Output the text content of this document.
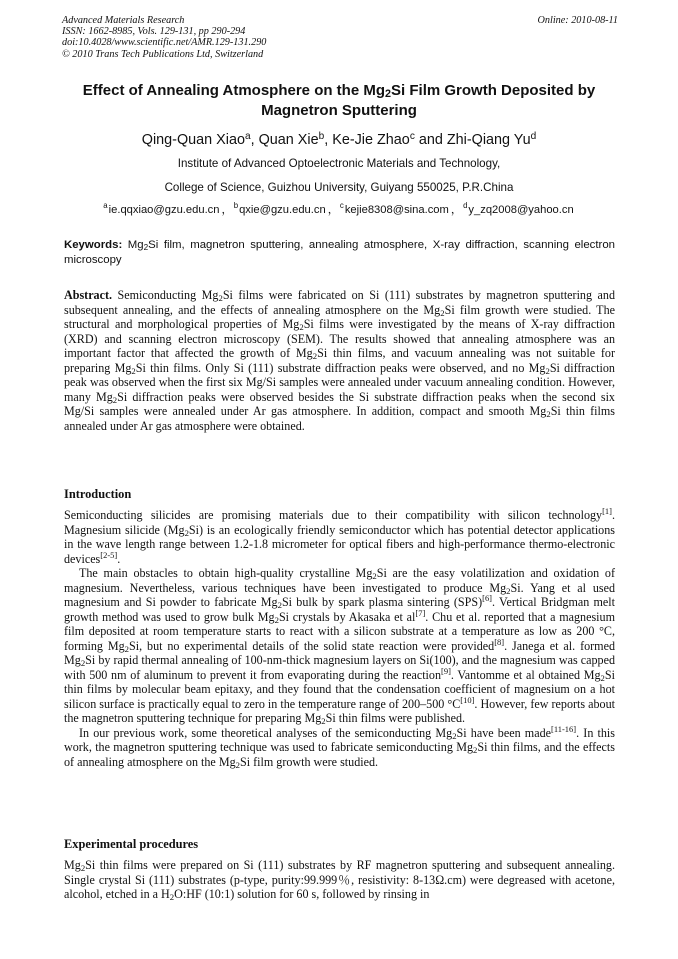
Advanced Materials Research
ISSN: 1662-8985, Vols. 129-131, pp 290-294
doi:10.4028/www.scientific.net/AMR.129-131.290
© 2010 Trans Tech Publications Ltd, Switzerland
Online: 2010-08-11
Effect of Annealing Atmosphere on the $Mg_2Si$ Film Growth Deposited by
Magnetron Sputtering
Qing-Quan Xiao$^a$, Quan Xie$^b$, Ke-Jie Zhao$^c$ and Zhi-Qiang Yu$^d$
Institute of Advanced Optoelectronic Materials and Technology,
College of Science, Guizhou University, Guiyang 550025, P.R.China
$^a$ie.qqxiao@gzu.edu.cn ，$^b$qxie@gzu.edu.cn ，$^c$kejie8308@sina.com ，$^d$y_zq2008@yahoo.cn
Keywords: $Mg_2Si$ film, magnetron sputtering, annealing atmosphere, X-ray diffraction, scanning electron microscopy

Abstract. Semiconducting $Mg_2Si$ films were fabricated on Si (111) substrates by magnetron sputtering and subsequent annealing, and the effects of annealing atmosphere on the $Mg_2Si$ film growth were studied. The structural and morphological properties of $Mg_2Si$ films were investigated by the means of X-ray diffraction (XRD) and scanning electron microscopy (SEM). The results showed that annealing atmosphere was an important factor that affected the growth of $Mg_2Si$ thin films, and vacuum annealing was not suitable for preparing $Mg_2Si$ thin films. Only Si (111) substrate diffraction peaks were observed, and no $Mg_2Si$ diffraction peak was observed when the first six Mg/Si samples were annealed under vacuum annealing condition. However, many $Mg_2Si$ diffraction peaks were observed besides the Si substrate diffraction peaks when the second six Mg/Si samples were annealed under Ar gas atmosphere. In addition, compact and smooth $Mg_2Si$ thin films annealed under Ar gas atmosphere were obtained.

Introduction

Semiconducting silicides are promising materials due to their compatibility with silicon technology[1]. Magnesium silicide $(Mg_2Si)$ is an ecologically friendly semiconductor which has potential detector applications in the wave length range between 1.2-1.8 micrometer for optical fibers and high-performance thermo-electronic devices[2-5].

The main obstacles to obtain high-quality crystalline $Mg_2Si$ are the easy volatilization and oxidation of magnesium. Nevertheless, various techniques have been investigated to produce $Mg_2Si$. Yang et al used magnesium and Si powder to fabricate $Mg_2Si$ bulk by spark plasma sintering (SPS)[6]. Vertical Bridgman melt growth method was used to grow bulk $Mg_2Si$ crystals by Akasaka et al[7]. Chu et al. reported that a magnesium film deposited at room temperature starts to react with a silicon substrate at a temperature as low as 200 °C, forming $Mg_2Si$, but no experimental details of the solid state reaction were provided[8]. Janega et al. formed $Mg_2Si$ by rapid thermal annealing of 100-nm-thick magnesium layers on Si(100), and the magnesium was capped with 500 nm of aluminum to prevent it from evaporating during the reaction[9]. Vantomme et al obtained $Mg_2Si$ thin films by molecular beam epitaxy, and they found that the condensation coefficient of magnesium on a hot silicon surface is practically equal to zero in the temperature range of 200–500 °C[10]. However, few reports about the magnetron sputtering technique for preparing $Mg_2Si$ thin films were published.

In our previous work, some theoretical analyses of the semiconducting $Mg_2Si$ have been made[11-16]. In this work, the magnetron sputtering technique was used to fabricate semiconducting $Mg_2Si$ thin films, and the effects of annealing atmosphere on the $Mg_2Si$ film growth were studied.

Experimental procedures

$Mg_2Si$ thin films were prepared on Si (111) substrates by RF magnetron sputtering and subsequent annealing. Single crystal Si (111) substrates (p-type, purity:99.999％, resistivity: 8-13Ω.cm) were degreased with acetone, alcohol, etched in a $H_2O:HF$ (10:1) solution for 60 s, followed by rinsing in
